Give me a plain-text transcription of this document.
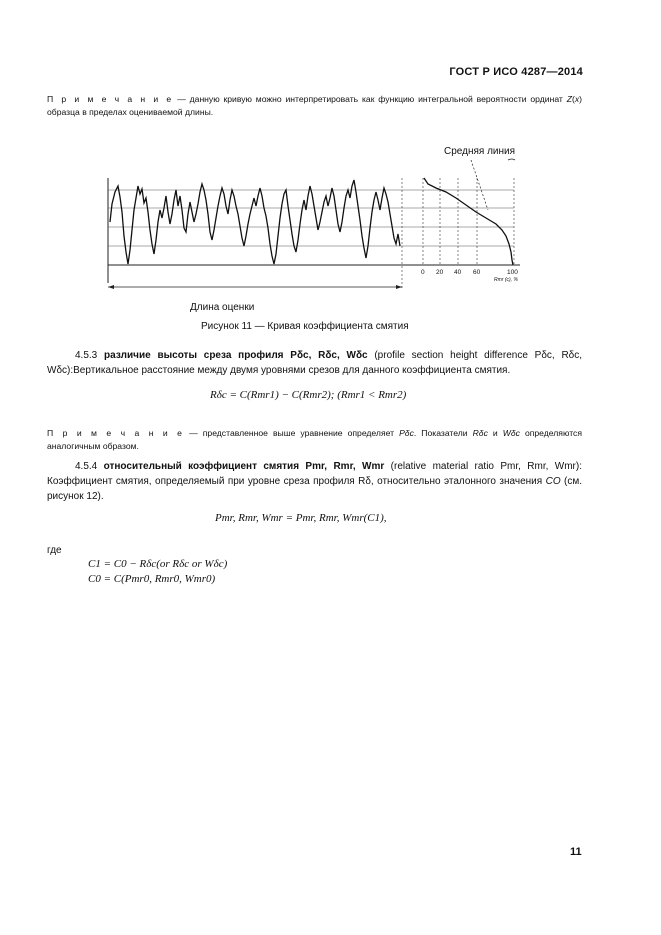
ГОСТ Р ИСО 4287—2014
П р и м е ч а н и е — данную кривую можно интерпретировать как функцию интегральной вероятности ординат Z(x) образца в пределах оцениваемой длины.
Средняя линия
0 20 40 60	100
Rmr (c), %
Длина оценки
Рисунок 11 — Кривая коэффициента смятия
4.5.3 различие высоты среза профиля Рδс, Rδc, Wδc (profile section height difference Pδc, Rδc, Wδc):Вертикальное расстояние между двумя уровнями срезов для данного коэффициента смятия.
Rδc = C(Rmr1) − C(Rmr2); (Rmr1 < Rmr2)
П р и м е ч а н и е — представленное выше уравнение определяет Pδc. Показатели Rδc и Wδc определяются аналогичным образом.
4.5.4 относительный коэффициент смятия Pmr, Rmr, Wmr (relative material ratio Pmr, Rmr, Wmr): Коэффициент смятия, определяемый при уровне среза профиля Rδ, относительно эталонного значения CO (см. рисунок 12).
Pmr, Rmr, Wmr = Pmr, Rmr, Wmr(C1),
где
C1 = C0 − Rδc(or Rδc or Wδc)
C0 = C(Pmr0, Rmr0, Wmr0)
11
